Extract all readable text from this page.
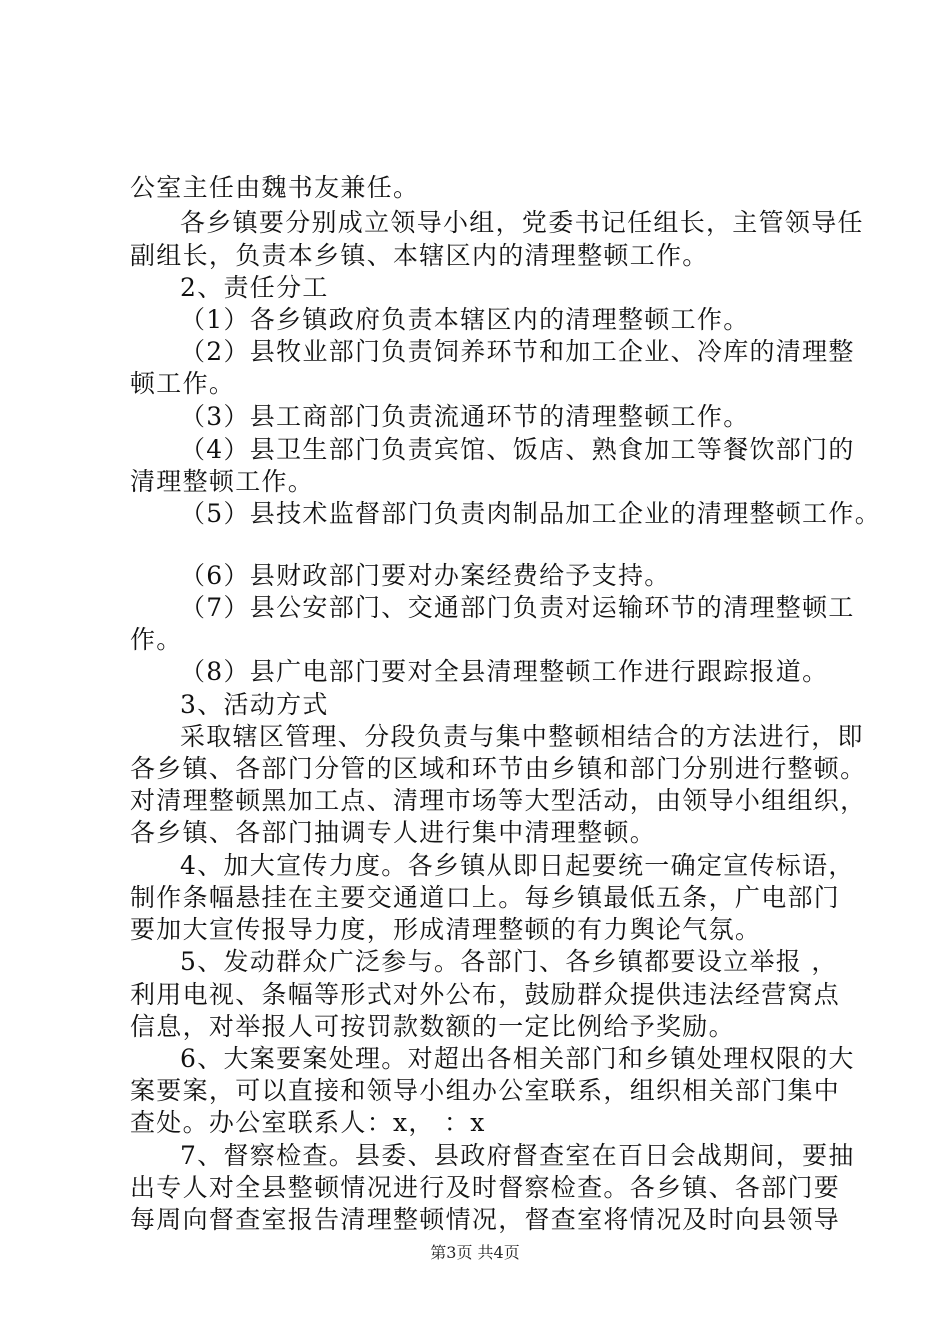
公室主任由魏书友兼任。
各乡镇要分别成立领导小组，党委书记任组长，主管领导任
副组长，负责本乡镇、本辖区内的清理整顿工作。
2、责任分工
（1）各乡镇政府负责本辖区内的清理整顿工作。
（2）县牧业部门负责饲养环节和加工企业、冷库的清理整
顿工作。
（3）县工商部门负责流通环节的清理整顿工作。
（4）县卫生部门负责宾馆、饭店、熟食加工等餐饮部门的
清理整顿工作。
（5）县技术监督部门负责肉制品加工企业的清理整顿工作。
（6）县财政部门要对办案经费给予支持。
（7）县公安部门、交通部门负责对运输环节的清理整顿工
作。
（8）县广电部门要对全县清理整顿工作进行跟踪报道。
3、活动方式
采取辖区管理、分段负责与集中整顿相结合的方法进行，即
各乡镇、各部门分管的区域和环节由乡镇和部门分别进行整顿。
对清理整顿黑加工点、清理市场等大型活动，由领导小组组织，
各乡镇、各部门抽调专人进行集中清理整顿。
4、加大宣传力度。各乡镇从即日起要统一确定宣传标语，
制作条幅悬挂在主要交通道口上。每乡镇最低五条，广电部门
要加大宣传报导力度，形成清理整顿的有力舆论气氛。
5、发动群众广泛参与。各部门、各乡镇都要设立举报 ，
利用电视、条幅等形式对外公布，鼓励群众提供违法经营窝点
信息，对举报人可按罚款数额的一定比例给予奖励。
6、大案要案处理。对超出各相关部门和乡镇处理权限的大
案要案，可以直接和领导小组办公室联系，组织相关部门集中
查处。办公室联系人：x， ：x
7、督察检查。县委、县政府督查室在百日会战期间，要抽
出专人对全县整顿情况进行及时督察检查。各乡镇、各部门要
每周向督查室报告清理整顿情况，督查室将情况及时向县领导
第3页 共4页
